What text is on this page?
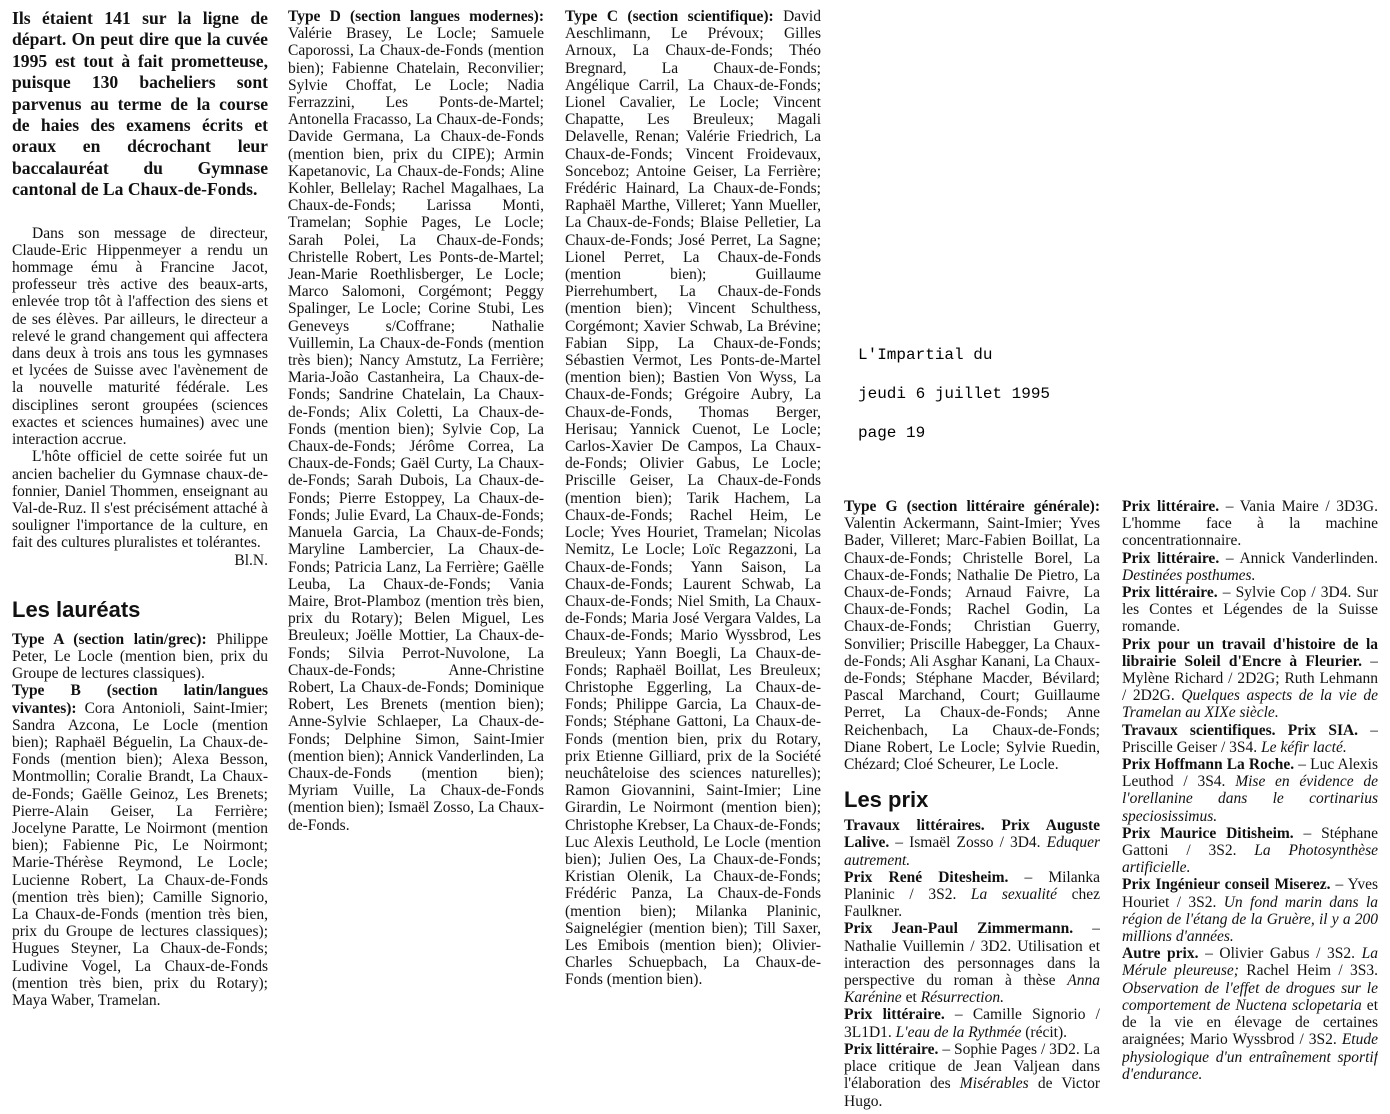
L'Impartial du
jeudi 6 juillet 1995
page 19

Ils étaient 141 sur la ligne de départ. On peut dire que la cuvée 1995 est tout à fait prometteuse, puisque 130 bacheliers sont parvenus au terme de la course de haies des examens écrits et oraux en décrochant leur baccalauréat du Gymnase cantonal de La Chaux-de-Fonds.

Dans son message de directeur, Claude-Eric Hippenmeyer a rendu un hommage ému à Francine Jacot, professeur très active des beaux-arts, enlevée trop tôt à l'affection des siens et de ses élèves. Par ailleurs, le directeur a relevé le grand changement qui affectera dans deux à trois ans tous les gymnases et lycées de Suisse avec l'avènement de la nouvelle maturité fédérale. Les disciplines seront groupées (sciences exactes et sciences humaines) avec une interaction accrue.

L'hôte officiel de cette soirée fut un ancien bachelier du Gymnase chaux-de-fonnier, Daniel Thommen, enseignant au Val-de-Ruz. Il s'est précisément attaché à souligner l'importance de la culture, en fait des cultures pluralistes et tolérantes.

Bl.N.

Les lauréats

Type A (section latin/grec): Philippe Peter, Le Locle (mention bien, prix du Groupe de lectures classiques).

Type B (section latin/langues vivantes): Cora Antonioli, Saint-Imier; Sandra Azcona, Le Locle (mention bien); Raphaël Béguelin, La Chaux-de-Fonds (mention bien); Alexa Besson, Montmollin; Coralie Brandt, La Chaux-de-Fonds; Gaëlle Geinoz, Les Brenets; Pierre-Alain Geiser, La Ferrière; Jocelyne Paratte, Le Noirmont (mention bien); Fabienne Pic, Le Noirmont; Marie-Thérèse Reymond, Le Locle; Lucienne Robert, La Chaux-de-Fonds (mention très bien); Camille Signorio, La Chaux-de-Fonds (mention très bien, prix du Groupe de lectures classiques); Hugues Steyner, La Chaux-de-Fonds; Ludivine Vogel, La Chaux-de-Fonds (mention très bien, prix du Rotary); Maya Waber, Tramelan.

Type D (section langues modernes): Valérie Brasey, Le Locle; Samuele Caporossi, La Chaux-de-Fonds (mention bien); Fabienne Chatelain, Reconvilier; Sylvie Choffat, Le Locle; Nadia Ferrazzini, Les Ponts-de-Martel; Antonella Fracasso, La Chaux-de-Fonds; Davide Germana, La Chaux-de-Fonds (mention bien, prix du CIPE); Armin Kapetanovic, La Chaux-de-Fonds; Aline Kohler, Bellelay; Rachel Magalhaes, La Chaux-de-Fonds; Larissa Monti, Tramelan; Sophie Pages, Le Locle; Sarah Polei, La Chaux-de-Fonds; Christelle Robert, Les Ponts-de-Martel; Jean-Marie Roethlisberger, Le Locle; Marco Salomoni, Corgémont; Peggy Spalinger, Le Locle; Corine Stubi, Les Geneveys s/Coffrane; Nathalie Vuillemin, La Chaux-de-Fonds (mention très bien); Nancy Amstutz, La Ferrière; Maria-João Castanheira, La Chaux-de-Fonds; Sandrine Chatelain, La Chaux-de-Fonds; Alix Coletti, La Chaux-de-Fonds (mention bien); Sylvie Cop, La Chaux-de-Fonds; Jérôme Correa, La Chaux-de-Fonds; Gaël Curty, La Chaux-de-Fonds; Sarah Dubois, La Chaux-de-Fonds; Pierre Estoppey, La Chaux-de-Fonds; Julie Evard, La Chaux-de-Fonds; Manuela Garcia, La Chaux-de-Fonds; Maryline Lambercier, La Chaux-de-Fonds; Patricia Lanz, La Ferrière; Gaëlle Leuba, La Chaux-de-Fonds; Vania Maire, Brot-Plamboz (mention très bien, prix du Rotary); Belen Miguel, Les Breuleux; Joëlle Mottier, La Chaux-de-Fonds; Silvia Perrot-Nuvolone, La Chaux-de-Fonds; Anne-Christine Robert, La Chaux-de-Fonds; Dominique Robert, Les Brenets (mention bien); Anne-Sylvie Schlaeper, La Chaux-de-Fonds; Delphine Simon, Saint-Imier (mention bien); Annick Vanderlinden, La Chaux-de-Fonds (mention bien); Myriam Vuille, La Chaux-de-Fonds (mention bien); Ismaël Zosso, La Chaux-de-Fonds.

Type C (section scientifique): David Aeschlimann, Le Prévoux; Gilles Arnoux, La Chaux-de-Fonds; Théo Bregnard, La Chaux-de-Fonds; Angélique Carril, La Chaux-de-Fonds; Lionel Cavalier, Le Locle; Vincent Chapatte, Les Breuleux; Magali Delavelle, Renan; Valérie Friedrich, La Chaux-de-Fonds; Vincent Froidevaux, Sonceboz; Antoine Geiser, La Ferrière; Frédéric Hainard, La Chaux-de-Fonds; Raphaël Marthe, Villeret; Yann Mueller, La Chaux-de-Fonds; Blaise Pelletier, La Chaux-de-Fonds; José Perret, La Sagne; Lionel Perret, La Chaux-de-Fonds (mention bien); Guillaume Pierrehumbert, La Chaux-de-Fonds (mention bien); Vincent Schulthess, Corgémont; Xavier Schwab, La Brévine; Fabian Sipp, La Chaux-de-Fonds; Sébastien Vermot, Les Ponts-de-Martel (mention bien); Bastien Von Wyss, La Chaux-de-Fonds; Grégoire Aubry, La Chaux-de-Fonds, Thomas Berger, Herisau; Yannick Cuenot, Le Locle; Carlos-Xavier De Campos, La Chaux-de-Fonds; Olivier Gabus, Le Locle; Priscille Geiser, La Chaux-de-Fonds (mention bien); Tarik Hachem, La Chaux-de-Fonds; Rachel Heim, Le Locle; Yves Houriet, Tramelan; Nicolas Nemitz, Le Locle; Loïc Regazzoni, La Chaux-de-Fonds; Yann Saison, La Chaux-de-Fonds; Laurent Schwab, La Chaux-de-Fonds; Niel Smith, La Chaux-de-Fonds; Maria José Vergara Valdes, La Chaux-de-Fonds; Mario Wyssbrod, Les Breuleux; Yann Boegli, La Chaux-de-Fonds; Raphaël Boillat, Les Breuleux; Christophe Eggerling, La Chaux-de-Fonds; Philippe Garcia, La Chaux-de-Fonds; Stéphane Gattoni, La Chaux-de-Fonds (mention bien, prix du Rotary, prix Etienne Gilliard, prix de la Société neuchâteloise des sciences naturelles); Ramon Giovannini, Saint-Imier; Line Girardin, Le Noirmont (mention bien); Christophe Krebser, La Chaux-de-Fonds; Luc Alexis Leuthold, Le Locle (mention bien); Julien Oes, La Chaux-de-Fonds; Kristian Olenik, La Chaux-de-Fonds; Frédéric Panza, La Chaux-de-Fonds (mention bien); Milanka Planinic, Saignelégier (mention bien); Till Saxer, Les Emibois (mention bien); Olivier-Charles Schuepbach, La Chaux-de-Fonds (mention bien).

Type G (section littéraire générale): Valentin Ackermann, Saint-Imier; Yves Bader, Villeret; Marc-Fabien Boillat, La Chaux-de-Fonds; Christelle Borel, La Chaux-de-Fonds; Nathalie De Pietro, La Chaux-de-Fonds; Arnaud Faivre, La Chaux-de-Fonds; Rachel Godin, La Chaux-de-Fonds; Christian Guerry, Sonvilier; Priscille Habegger, La Chaux-de-Fonds; Ali Asghar Kanani, La Chaux-de-Fonds; Stéphane Macder, Bévilard; Pascal Marchand, Court; Guillaume Perret, La Chaux-de-Fonds; Anne Reichenbach, La Chaux-de-Fonds; Diane Robert, Le Locle; Sylvie Ruedin, Chézard; Cloé Scheurer, Le Locle.

Les prix

Travaux littéraires. Prix Auguste Lalive. – Ismaël Zosso / 3D4. Eduquer autrement.

Prix René Ditesheim. – Milanka Planinic / 3S2. La sexualité chez Faulkner.

Prix Jean-Paul Zimmermann. – Nathalie Vuillemin / 3D2. Utilisation et interaction des personnages dans la perspective du roman à thèse Anna Karénine et Résurrection.

Prix littéraire. – Camille Signorio / 3L1D1. L'eau de la Rythmée (récit).

Prix littéraire. – Sophie Pages / 3D2. La place critique de Jean Valjean dans l'élaboration des Misérables de Victor Hugo.

Prix littéraire. – Vania Maire / 3D3G. L'homme face à la machine concentrationnaire.

Prix littéraire. – Annick Vanderlinden. Destinées posthumes.

Prix littéraire. – Sylvie Cop / 3D4. Sur les Contes et Légendes de la Suisse romande.

Prix pour un travail d'histoire de la librairie Soleil d'Encre à Fleurier. – Mylène Richard / 2D2G; Ruth Lehmann / 2D2G. Quelques aspects de la vie de Tramelan au XIXe siècle.

Travaux scientifiques. Prix SIA. – Priscille Geiser / 3S4. Le kéfir lacté.

Prix Hoffmann La Roche. – Luc Alexis Leuthod / 3S4. Mise en évidence de l'orellanine dans le cortinarius speciosissimus.

Prix Maurice Ditisheim. – Stéphane Gattoni / 3S2. La Photosynthèse artificielle.

Prix Ingénieur conseil Miserez. – Yves Houriet / 3S2. Un fond marin dans la région de l'étang de la Gruère, il y a 200 millions d'années.

Autre prix. – Olivier Gabus / 3S2. La Mérule pleureuse; Rachel Heim / 3S3. Observation de l'effet de drogues sur le comportement de Nuctena sclopetaria et de la vie en élevage de certaines araignées; Mario Wyssbrod / 3S2. Etude physiologique d'un entraînement sportif d'endurance.
